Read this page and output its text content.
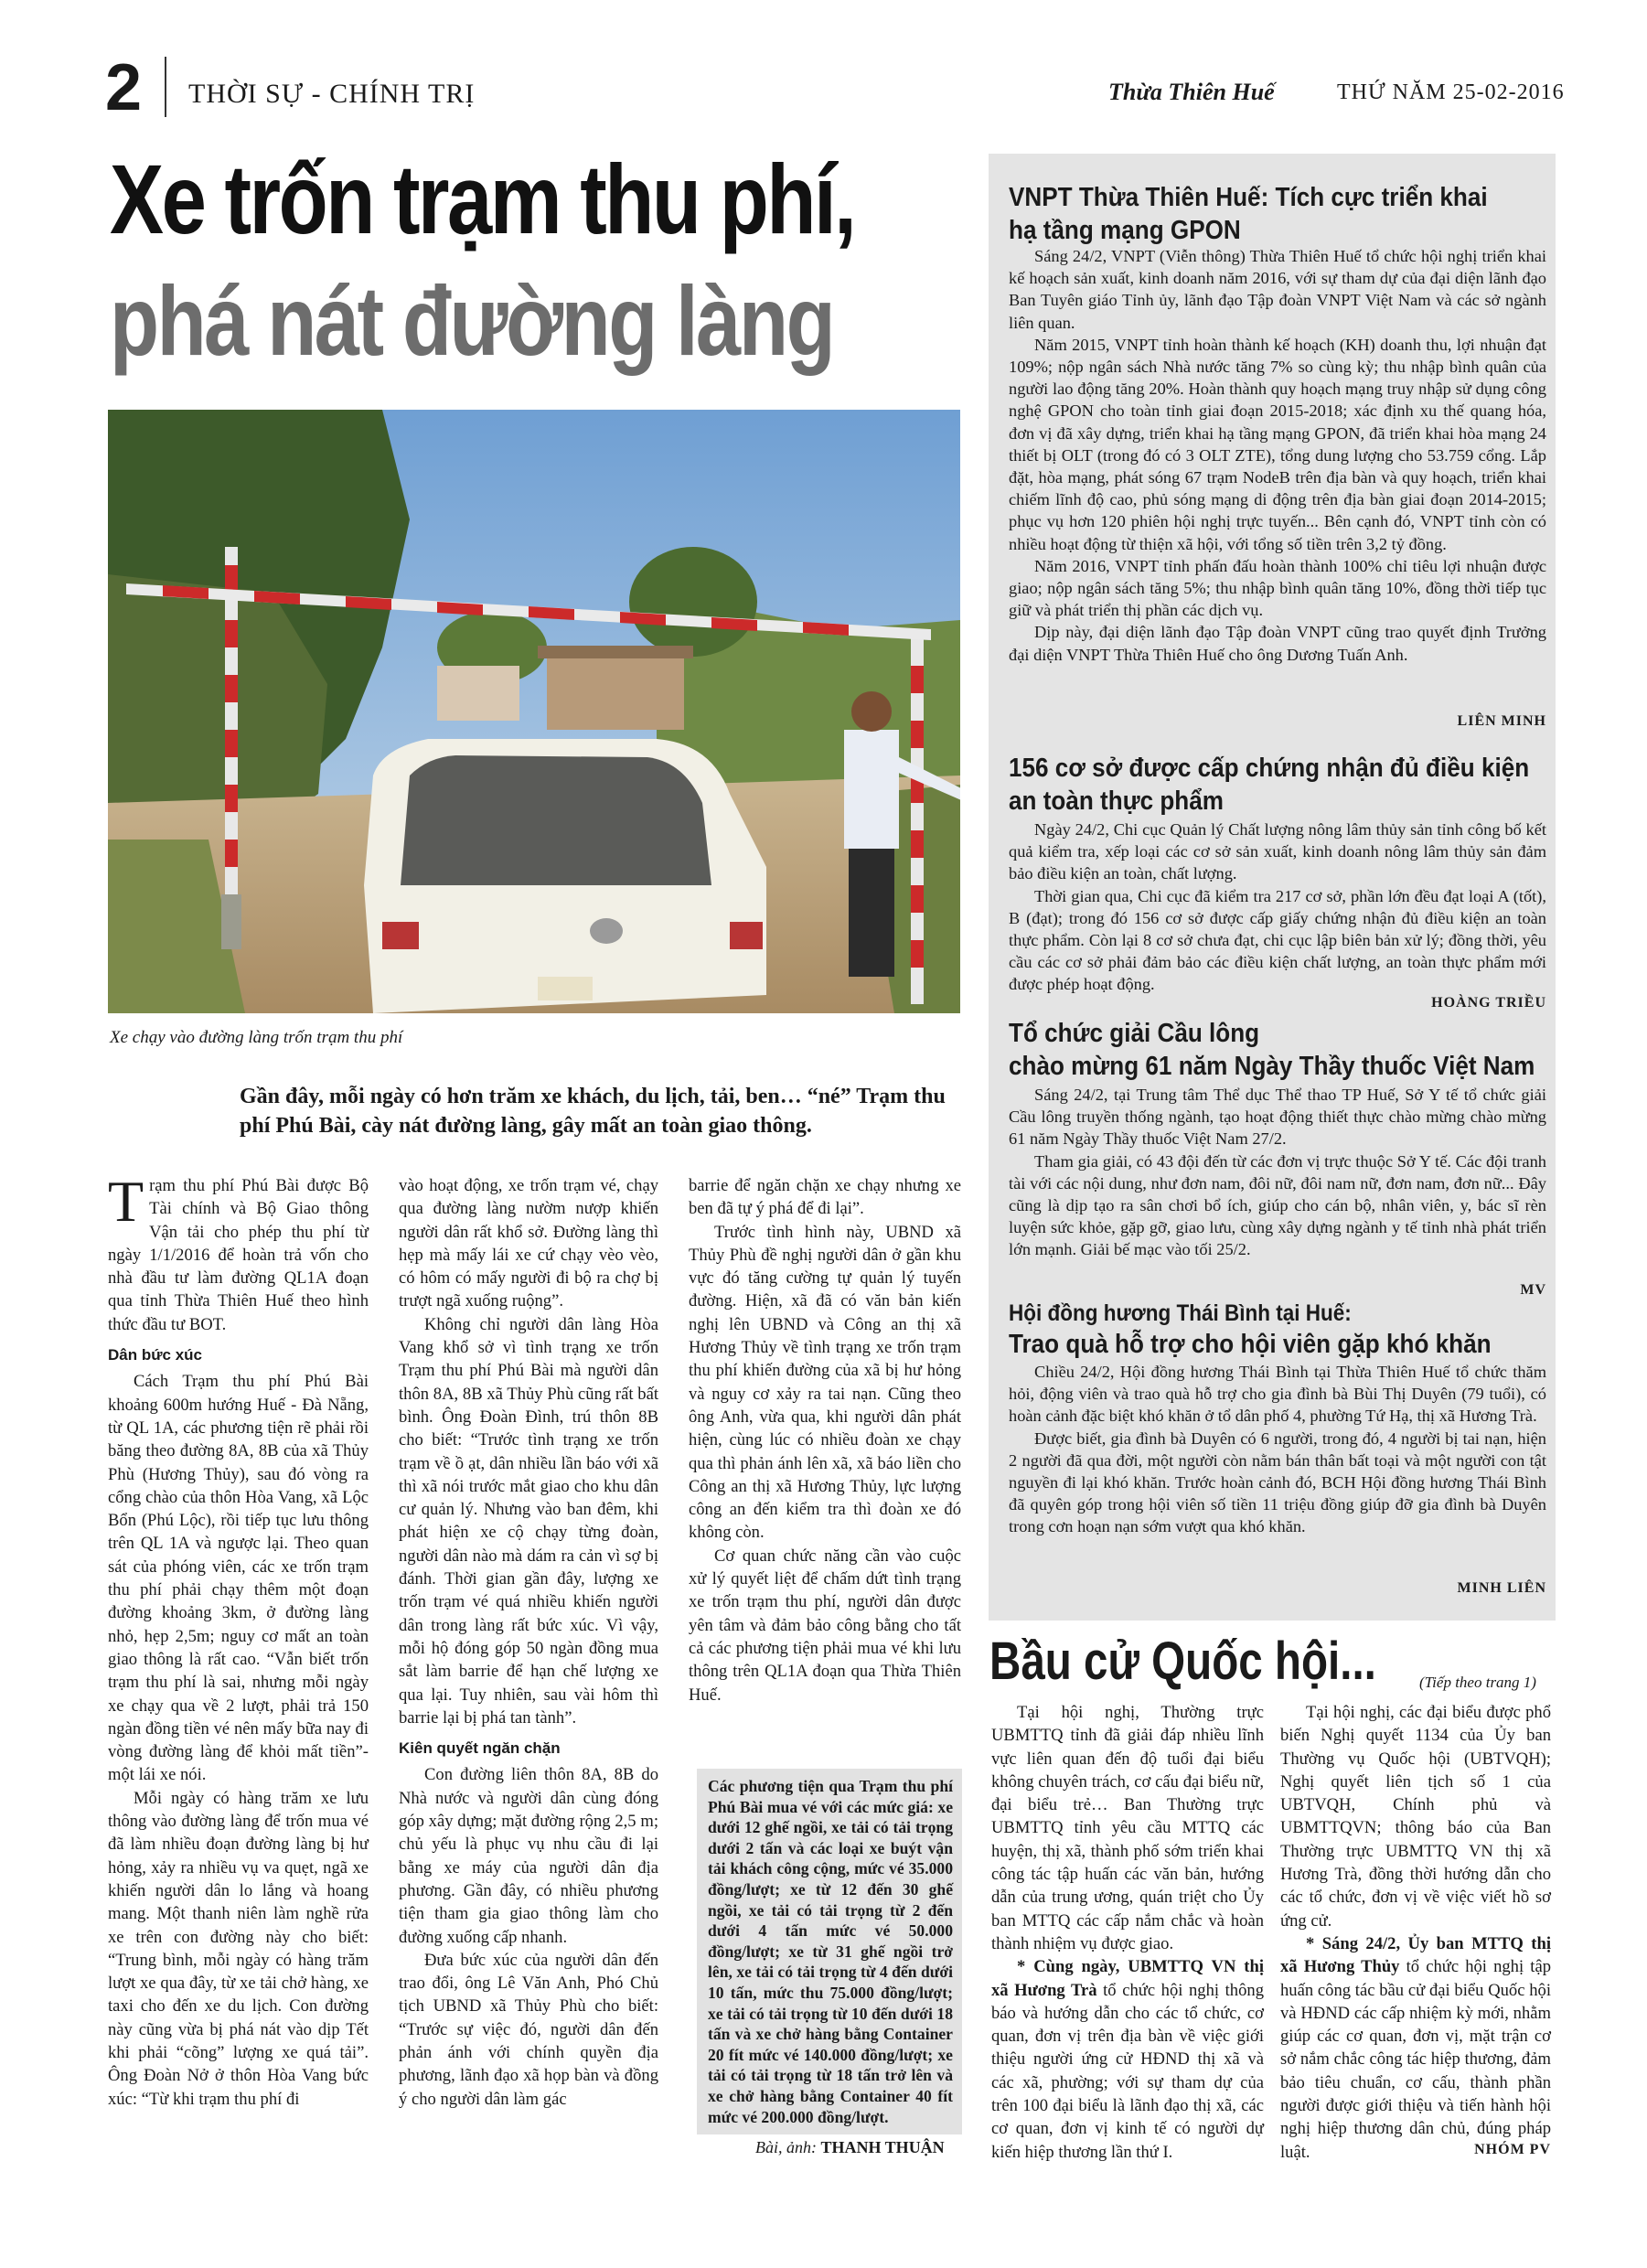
2 THỜI SỰ - CHÍNH TRỊ	Thừa Thiên Huế	THỨ NĂM 25-02-2016
Xe trốn trạm thu phí,
phá nát đường làng
Xe chạy vào đường làng trốn trạm thu phí
Gần đây, mỗi ngày có hơn trăm xe khách, du lịch, tải, ben… “né” Trạm thu phí Phú Bài, cày nát đường làng, gây mất an toàn giao thông.

Trạm thu phí Phú Bài được Bộ Tài chính và Bộ Giao thông Vận tải cho phép thu phí từ ngày 1/1/2016 để hoàn trả vốn cho nhà đầu tư làm đường QL1A đoạn qua tỉnh Thừa Thiên Huế theo hình thức đầu tư BOT.

Dân bức xúc

Cách Trạm thu phí Phú Bài khoảng 600m hướng Huế - Đà Nẵng, từ QL 1A, các phương tiện rẽ phải rồi băng theo đường 8A, 8B của xã Thủy Phù (Hương Thủy), sau đó vòng ra cổng chào của thôn Hòa Vang, xã Lộc Bổn (Phú Lộc), rồi tiếp tục lưu thông trên QL 1A và ngược lại. Theo quan sát của phóng viên, các xe trốn trạm thu phí phải chạy thêm một đoạn đường khoảng 3km, ở đường làng nhỏ, hẹp 2,5m; nguy cơ mất an toàn giao thông là rất cao. “Vẫn biết trốn trạm thu phí là sai, nhưng mỗi ngày xe chạy qua về 2 lượt, phải trả 150 ngàn đồng tiền vé nên mấy bữa nay đi vòng đường làng để khỏi mất tiền”- một lái xe nói.

Mỗi ngày có hàng trăm xe lưu thông vào đường làng để trốn mua vé đã làm nhiều đoạn đường làng bị hư hỏng, xảy ra nhiều vụ va quẹt, ngã xe khiến người dân lo lắng và hoang mang. Một thanh niên làm nghề rửa xe trên con đường này cho biết: “Trung bình, mỗi ngày có hàng trăm lượt xe qua đây, từ xe tải chở hàng, xe taxi cho đến xe du lịch. Con đường này cũng vừa bị phá nát vào dịp Tết khi phải “cõng” lượng xe quá tải”. Ông Đoàn Nở ở thôn Hòa Vang bức xúc: “Từ khi trạm thu phí đi

vào hoạt động, xe trốn trạm vé, chạy qua đường làng nườm nượp khiến người dân rất khổ sở. Đường làng thì hẹp mà mấy lái xe cứ chạy vèo vèo, có hôm có mấy người đi bộ ra chợ bị trượt ngã xuống ruộng”.

Không chỉ người dân làng Hòa Vang khổ sở vì tình trạng xe trốn Trạm thu phí Phú Bài mà người dân thôn 8A, 8B xã Thủy Phù cũng rất bất bình. Ông Đoàn Đình, trú thôn 8B cho biết: “Trước tình trạng xe trốn trạm về ồ ạt, dân nhiều lần báo với xã thì xã nói trước mắt giao cho khu dân cư quản lý. Nhưng vào ban đêm, khi phát hiện xe cộ chạy từng đoàn, người dân nào mà dám ra cản vì sợ bị đánh. Thời gian gần đây, lượng xe trốn trạm vé quá nhiều khiến người dân trong làng rất bức xúc. Vì vậy, mỗi hộ đóng góp 50 ngàn đồng mua sắt làm barrie để hạn chế lượng xe qua lại. Tuy nhiên, sau vài hôm thì barrie lại bị phá tan tành”.

Kiên quyết ngăn chặn

Con đường liên thôn 8A, 8B do Nhà nước và người dân cùng đóng góp xây dựng; mặt đường rộng 2,5 m; chủ yếu là phục vụ nhu cầu đi lại bằng xe máy của người dân địa phương. Gần đây, có nhiều phương tiện tham gia giao thông làm cho đường xuống cấp nhanh.

Đưa bức xúc của người dân đến trao đổi, ông Lê Văn Anh, Phó Chủ tịch UBND xã Thủy Phù cho biết: “Trước sự việc đó, người dân đến phản ánh với chính quyền địa phương, lãnh đạo xã họp bàn và đồng ý cho người dân làm gác

barrie để ngăn chặn xe chạy nhưng xe ben đã tự ý phá để đi lại”.

Trước tình hình này, UBND xã Thủy Phù đề nghị người dân ở gần khu vực đó tăng cường tự quản lý tuyến đường. Hiện, xã đã có văn bản kiến nghị lên UBND và Công an thị xã Hương Thủy về tình trạng xe trốn trạm thu phí khiến đường của xã bị hư hỏng và nguy cơ xảy ra tai nạn. Cũng theo ông Anh, vừa qua, khi người dân phát hiện, cùng lúc có nhiều đoàn xe chạy qua thì phản ánh lên xã, xã báo liền cho Công an thị xã Hương Thủy, lực lượng công an đến kiểm tra thì đoàn xe đó không còn.

Cơ quan chức năng cần vào cuộc xử lý quyết liệt để chấm dứt tình trạng xe trốn trạm thu phí, người dân được yên tâm và đảm bảo công bằng cho tất cả các phương tiện phải mua vé khi lưu thông trên QL1A đoạn qua Thừa Thiên Huế.

Các phương tiện qua Trạm thu phí Phú Bài mua vé với các mức giá: xe dưới 12 ghế ngồi, xe tải có tải trọng dưới 2 tấn và các loại xe buýt vận tải khách công cộng, mức vé 35.000 đồng/lượt; xe từ 12 đến 30 ghế ngồi, xe tải có tải trọng từ 2 đến dưới 4 tấn mức vé 50.000 đồng/lượt; xe từ 31 ghế ngồi trở lên, xe tải có tải trọng từ 4 đến dưới 10 tấn, mức thu 75.000 đồng/lượt; xe tải có tải trọng từ 10 đến dưới 18 tấn và xe chở hàng bằng Container 20 fít mức vé 140.000 đồng/lượt; xe tải có tải trọng từ 18 tấn trở lên và xe chở hàng bằng Container 40 fít mức vé 200.000 đồng/lượt.
Bài, ảnh: THANH THUẬN
VNPT Thừa Thiên Huế: Tích cực triển khai
hạ tầng mạng GPON

Sáng 24/2, VNPT (Viễn thông) Thừa Thiên Huế tổ chức hội nghị triển khai kế hoạch sản xuất, kinh doanh năm 2016, với sự tham dự của đại diện lãnh đạo Ban Tuyên giáo Tỉnh ủy, lãnh đạo Tập đoàn VNPT Việt Nam và các sở ngành liên quan.

Năm 2015, VNPT tỉnh hoàn thành kế hoạch (KH) doanh thu, lợi nhuận đạt 109%; nộp ngân sách Nhà nước tăng 7% so cùng kỳ; thu nhập bình quân của người lao động tăng 20%. Hoàn thành quy hoạch mạng truy nhập sử dụng công nghệ GPON cho toàn tỉnh giai đoạn 2015-2018; xác định xu thế quang hóa, đơn vị đã xây dựng, triển khai hạ tầng mạng GPON, đã triển khai hòa mạng 24 thiết bị OLT (trong đó có 3 OLT ZTE), tổng dung lượng cho 53.759 cổng. Lắp đặt, hòa mạng, phát sóng 67 trạm NodeB trên địa bàn và quy hoạch, triển khai chiếm lĩnh độ cao, phủ sóng mạng di động trên địa bàn giai đoạn 2014-2015; phục vụ hơn 120 phiên hội nghị trực tuyến... Bên cạnh đó, VNPT tỉnh còn có nhiều hoạt động từ thiện xã hội, với tổng số tiền trên 3,2 tỷ đồng.

Năm 2016, VNPT tỉnh phấn đấu hoàn thành 100% chỉ tiêu lợi nhuận được giao; nộp ngân sách tăng 5%; thu nhập bình quân tăng 10%, đồng thời tiếp tục giữ và phát triển thị phần các dịch vụ.

Dịp này, đại diện lãnh đạo Tập đoàn VNPT cũng trao quyết định Trưởng đại diện VNPT Thừa Thiên Huế cho ông Dương Tuấn Anh.

LIÊN MINH
156 cơ sở được cấp chứng nhận đủ điều kiện
an toàn thực phẩm

Ngày 24/2, Chi cục Quản lý Chất lượng nông lâm thủy sản tỉnh công bố kết quả kiểm tra, xếp loại các cơ sở sản xuất, kinh doanh nông lâm thủy sản đảm bảo điều kiện an toàn, chất lượng.

Thời gian qua, Chi cục đã kiểm tra 217 cơ sở, phần lớn đều đạt loại A (tốt), B (đạt); trong đó 156 cơ sở được cấp giấy chứng nhận đủ điều kiện an toàn thực phẩm. Còn lại 8 cơ sở chưa đạt, chi cục lập biên bản xử lý; đồng thời, yêu cầu các cơ sở phải đảm bảo các điều kiện chất lượng, an toàn thực phẩm mới được phép hoạt động.

HOÀNG TRIỀU
Tổ chức giải Cầu lông
chào mừng 61 năm Ngày Thầy thuốc Việt Nam

Sáng 24/2, tại Trung tâm Thể dục Thể thao TP Huế, Sở Y tế tổ chức giải Cầu lông truyền thống ngành, tạo hoạt động thiết thực chào mừng chào mừng 61 năm Ngày Thầy thuốc Việt Nam 27/2.

Tham gia giải, có 43 đội đến từ các đơn vị trực thuộc Sở Y tế. Các đội tranh tài với các nội dung, như đơn nam, đôi nữ, đôi nam nữ, đơn nam, đơn nữ... Đây cũng là dịp tạo ra sân chơi bổ ích, giúp cho cán bộ, nhân viên, y, bác sĩ rèn luyện sức khỏe, gặp gỡ, giao lưu, cùng xây dựng ngành y tế tỉnh nhà phát triển lớn mạnh. Giải bế mạc vào tối 25/2.

MV
Hội đồng hương Thái Bình tại Huế:
Trao quà hỗ trợ cho hội viên gặp khó khăn

Chiều 24/2, Hội đồng hương Thái Bình tại Thừa Thiên Huế tổ chức thăm hỏi, động viên và trao quà hỗ trợ cho gia đình bà Bùi Thị Duyên (79 tuổi), có hoàn cảnh đặc biệt khó khăn ở tổ dân phố 4, phường Tứ Hạ, thị xã Hương Trà.

Được biết, gia đình bà Duyên có 6 người, trong đó, 4 người bị tai nạn, hiện 2 người đã qua đời, một người còn nằm bán thân bất toại và một người con tật nguyền đi lại khó khăn. Trước hoàn cảnh đó, BCH Hội đồng hương Thái Bình đã quyên góp trong hội viên số tiền 11 triệu đồng giúp đỡ gia đình bà Duyên trong cơn hoạn nạn sớm vượt qua khó khăn.

MINH LIÊN
Bầu cử Quốc hội...	(Tiếp theo trang 1)

Tại hội nghị, Thường trực UBMTTQ tỉnh đã giải đáp nhiều lĩnh vực liên quan đến độ tuổi đại biểu không chuyên trách, cơ cấu đại biểu nữ, đại biểu trẻ… Ban Thường trực UBMTTQ tỉnh yêu cầu MTTQ các huyện, thị xã, thành phố sớm triển khai công tác tập huấn các văn bản, hướng dẫn của trung ương, quán triệt cho Ủy ban MTTQ các cấp nắm chắc và hoàn thành nhiệm vụ được giao.

* Cùng ngày, UBMTTQ VN thị xã Hương Trà tổ chức hội nghị thông báo và hướng dẫn cho các tổ chức, cơ quan, đơn vị trên địa bàn về việc giới thiệu người ứng cử HĐND thị xã và các xã, phường; với sự tham dự của trên 100 đại biểu là lãnh đạo thị xã, các cơ quan, đơn vị kinh tế có người dự kiến hiệp thương lần thứ I.

Tại hội nghị, các đại biểu được phổ biến Nghị quyết 1134 của Ủy ban Thường vụ Quốc hội (UBTVQH); Nghị quyết liên tịch số 1 của UBTVQH, Chính phủ và UBMTTQVN; thông báo của Ban Thường trực UBMTTQ VN thị xã Hương Trà, đồng thời hướng dẫn cho các tổ chức, đơn vị về việc viết hồ sơ ứng cử.

* Sáng 24/2, Ủy ban MTTQ thị xã Hương Thủy tổ chức hội nghị tập huấn công tác bầu cử đại biểu Quốc hội và HĐND các cấp nhiệm kỳ mới, nhằm giúp các cơ quan, đơn vị, mặt trận cơ sở nắm chắc công tác hiệp thương, đảm bảo tiêu chuẩn, cơ cấu, thành phần người được giới thiệu và tiến hành hội nghị hiệp thương dân chủ, đúng pháp luật.	NHÓM PV
